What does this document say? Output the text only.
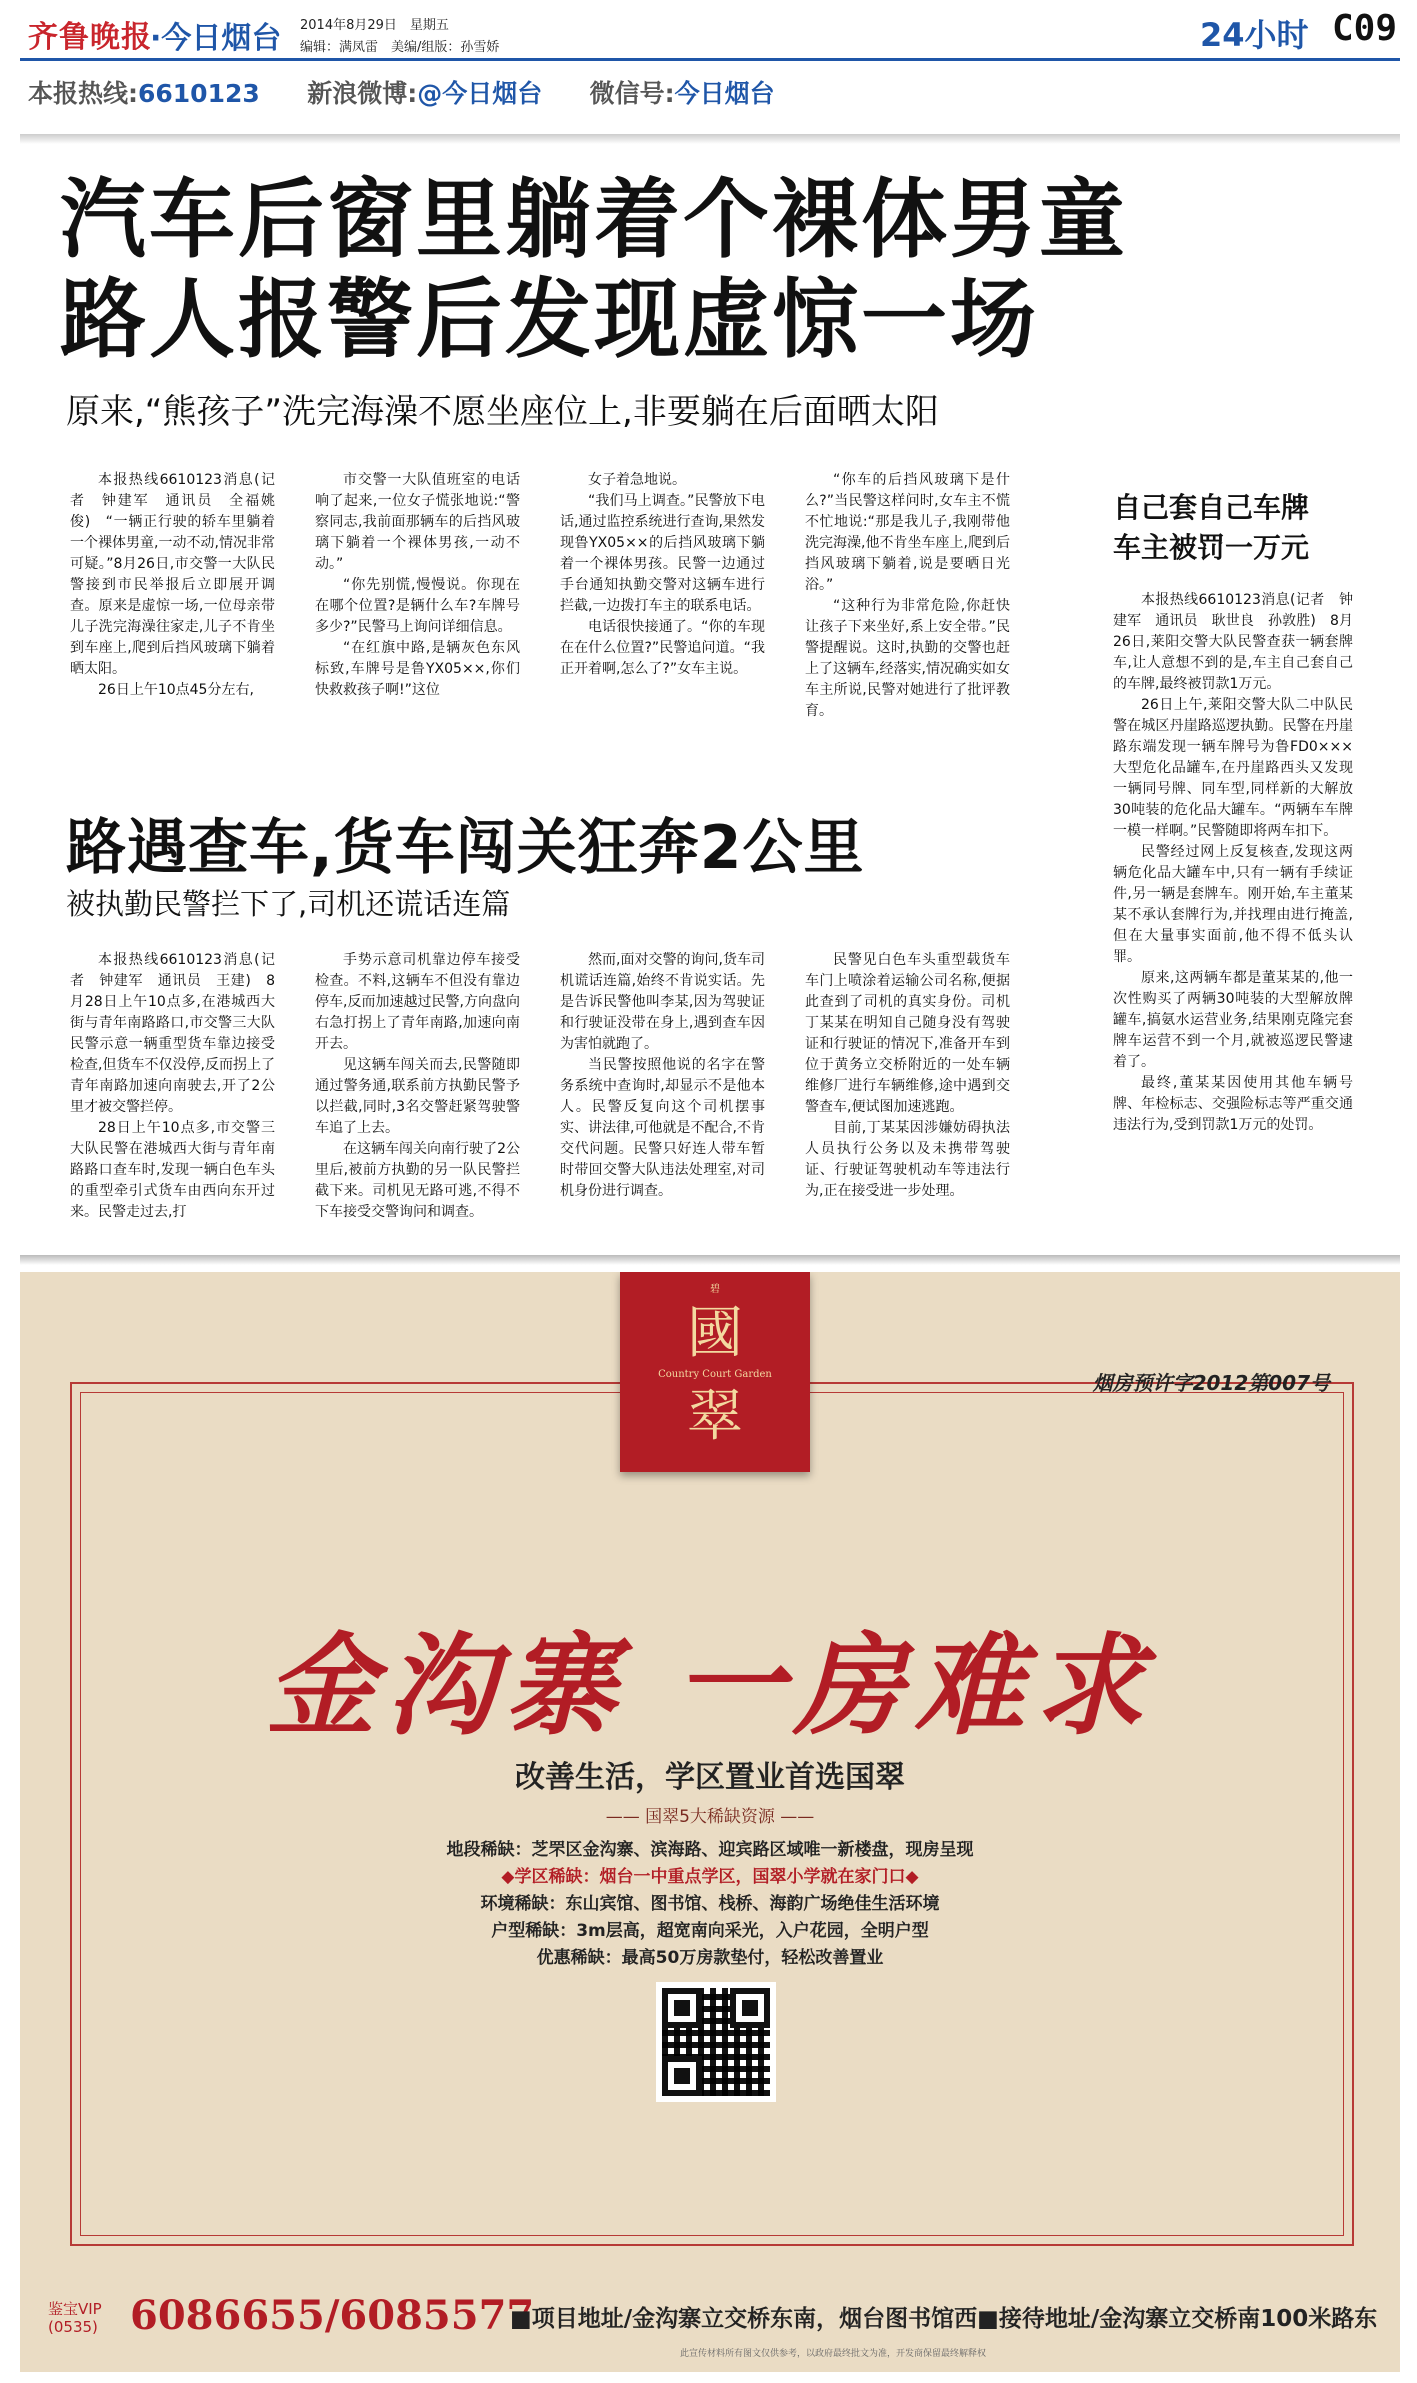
齐鲁晚报
·今日烟台 2014年8月29日　星期五
编辑：满凤雷　美编/组版：孙雪娇	24小时 C09
本报热线:6610123 新浪微博:@今日烟台 微信号:今日烟台
汽车后窗里躺着个裸体男童
路人报警后发现虚惊一场
原来,“熊孩子”洗完海澡不愿坐座位上,非要躺在后面晒太阳

本报热线6610123消息(记者　钟建军　通讯员　全福姚俊)　“一辆正行驶的轿车里躺着一个裸体男童,一动不动,情况非常可疑。”8月26日,市交警一大队民警接到市民举报后立即展开调查。原来是虚惊一场,一位母亲带儿子洗完海澡往家走,儿子不肯坐到车座上,爬到后挡风玻璃下躺着晒太阳。

26日上午10点45分左右,

市交警一大队值班室的电话响了起来,一位女子慌张地说:“警察同志,我前面那辆车的后挡风玻璃下躺着一个裸体男孩,一动不动。”

“你先别慌,慢慢说。你现在在哪个位置?是辆什么车?车牌号多少?”民警马上询问详细信息。

“在红旗中路,是辆灰色东风标致,车牌号是鲁YX05××,你们快救救孩子啊!”这位

女子着急地说。

“我们马上调查。”民警放下电话,通过监控系统进行查询,果然发现鲁YX05××的后挡风玻璃下躺着一个裸体男孩。民警一边通过手台通知执勤交警对这辆车进行拦截,一边拨打车主的联系电话。

电话很快接通了。“你的车现在在什么位置?”民警追问道。“我正开着啊,怎么了?”女车主说。

“你车的后挡风玻璃下是什么?”当民警这样问时,女车主不慌不忙地说:“那是我儿子,我刚带他洗完海澡,他不肯坐车座上,爬到后挡风玻璃下躺着,说是要晒日光浴。”

“这种行为非常危险,你赶快让孩子下来坐好,系上安全带。”民警提醒说。这时,执勤的交警也赶上了这辆车,经落实,情况确实如女车主所说,民警对她进行了批评教育。

自己套自己车牌
车主被罚一万元

本报热线6610123消息(记者　钟建军　通讯员　耿世良　孙敦胜)　8月26日,莱阳交警大队民警查获一辆套牌车,让人意想不到的是,车主自己套自己的车牌,最终被罚款1万元。

26日上午,莱阳交警大队二中队民警在城区丹崖路巡逻执勤。民警在丹崖路东端发现一辆车牌号为鲁FD0×××大型危化品罐车,在丹崖路西头又发现一辆同号牌、同车型,同样新的大解放30吨装的危化品大罐车。“两辆车车牌一模一样啊。”民警随即将两车扣下。

民警经过网上反复核查,发现这两辆危化品大罐车中,只有一辆有手续证件,另一辆是套牌车。刚开始,车主董某某不承认套牌行为,并找理由进行掩盖,但在大量事实面前,他不得不低头认罪。

原来,这两辆车都是董某某的,他一次性购买了两辆30吨装的大型解放牌罐车,搞氨水运营业务,结果刚克隆完套牌车运营不到一个月,就被巡逻民警逮着了。

最终,董某某因使用其他车辆号牌、年检标志、交强险标志等严重交通违法行为,受到罚款1万元的处罚。

路遇查车,货车闯关狂奔2公里
被执勤民警拦下了,司机还谎话连篇

本报热线6610123消息(记者　钟建军　通讯员　王建)　8月28日上午10点多,在港城西大街与青年南路路口,市交警三大队民警示意一辆重型货车靠边接受检查,但货车不仅没停,反而拐上了青年南路加速向南驶去,开了2公里才被交警拦停。

28日上午10点多,市交警三大队民警在港城西大街与青年南路路口查车时,发现一辆白色车头的重型牵引式货车由西向东开过来。民警走过去,打

手势示意司机靠边停车接受检查。不料,这辆车不但没有靠边停车,反而加速越过民警,方向盘向右急打拐上了青年南路,加速向南开去。

见这辆车闯关而去,民警随即通过警务通,联系前方执勤民警予以拦截,同时,3名交警赶紧驾驶警车追了上去。

在这辆车闯关向南行驶了2公里后,被前方执勤的另一队民警拦截下来。司机见无路可逃,不得不下车接受交警询问和调查。

然而,面对交警的询问,货车司机谎话连篇,始终不肯说实话。先是告诉民警他叫李某,因为驾驶证和行驶证没带在身上,遇到查车因为害怕就跑了。

当民警按照他说的名字在警务系统中查询时,却显示不是他本人。民警反复向这个司机摆事实、讲法律,可他就是不配合,不肯交代问题。民警只好连人带车暂时带回交警大队违法处理室,对司机身份进行调查。

民警见白色车头重型载货车车门上喷涂着运输公司名称,便据此查到了司机的真实身份。司机丁某某在明知自己随身没有驾驶证和行驶证的情况下,准备开车到位于黄务立交桥附近的一处车辆维修厂进行车辆维修,途中遇到交警查车,便试图加速逃跑。

目前,丁某某因涉嫌妨碍执法人员执行公务以及未携带驾驶证、行驶证驾驶机动车等违法行为,正在接受进一步处理。

碧
國
Country Court Garden
翠
烟房预许字2012第007号
金沟寨 一房难求
改善生活，学区置业首选国翠
—— 国翠5大稀缺资源 ——
地段稀缺：芝罘区金沟寨、滨海路、迎宾路区域唯一新楼盘，现房呈现
◆学区稀缺：烟台一中重点学区，国翠小学就在家门口◆
环境稀缺：东山宾馆、图书馆、栈桥、海韵广场绝佳生活环境
户型稀缺：3m层高，超宽南向采光，入户花园，全明户型
优惠稀缺：最高50万房款垫付，轻松改善置业
鉴宝VIP
(0535) 6086655/6085577
■项目地址/金沟寨立交桥东南，烟台图书馆西■接待地址/金沟寨立交桥南100米路东
此宣传材料所有图文仅供参考，以政府最终批文为准，开发商保留最终解释权
